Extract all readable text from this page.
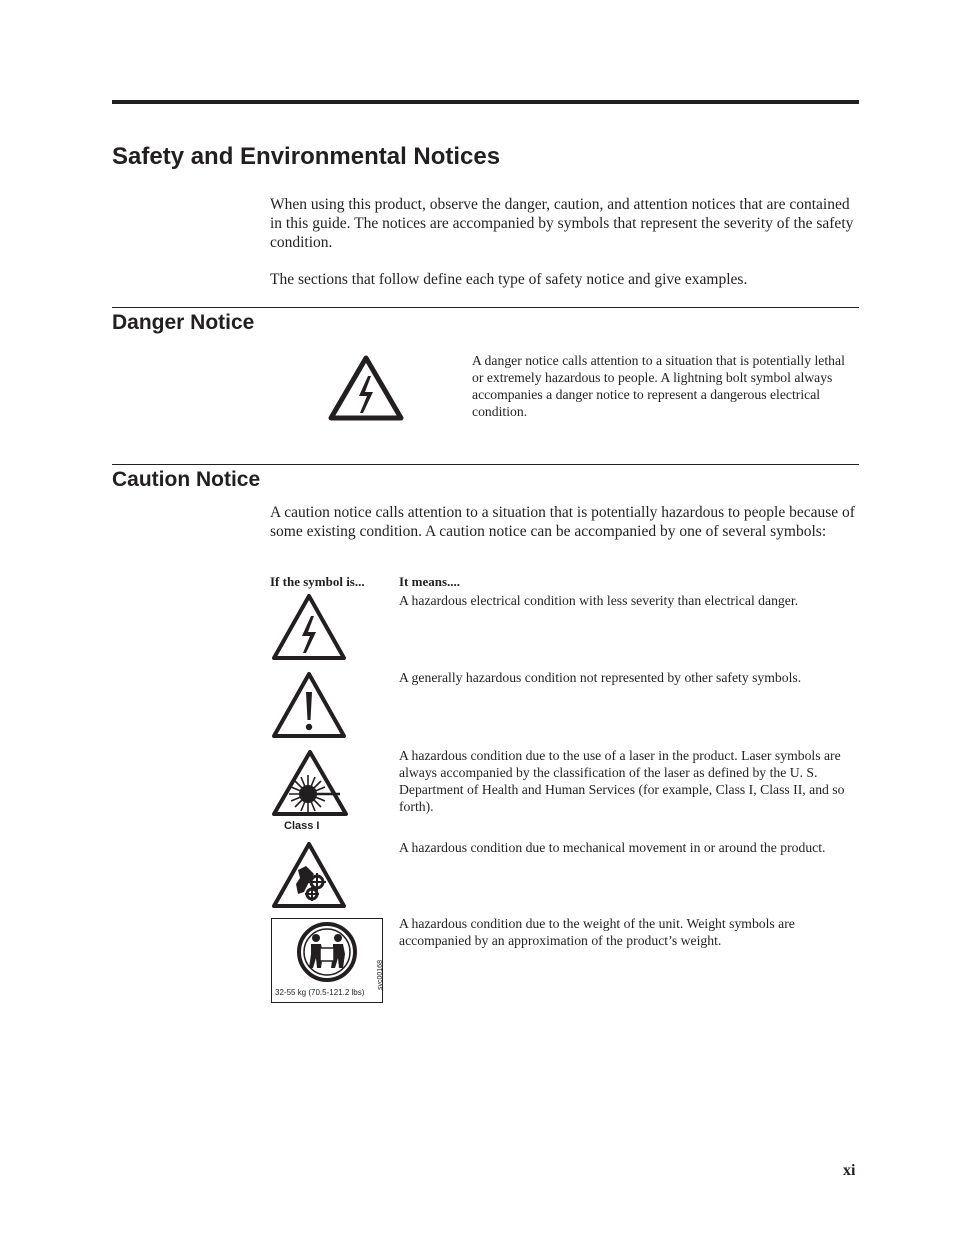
Safety and Environmental Notices

When using this product, observe the danger, caution, and attention notices that are contained in this guide. The notices are accompanied by symbols that represent the severity of the safety condition.

The sections that follow define each type of safety notice and give examples.

Danger Notice

A danger notice calls attention to a situation that is potentially lethal or extremely hazardous to people. A lightning bolt symbol always accompanies a danger notice to represent a dangerous electrical condition.

Caution Notice

A caution notice calls attention to a situation that is potentially hazardous to people because of some existing condition. A caution notice can be accompanied by one of several symbols:

If the symbol is...	It means....

A hazardous electrical condition with less severity than electrical danger.

A generally hazardous condition not represented by other safety symbols.

Class I

A hazardous condition due to the use of a laser in the product. Laser symbols are always accompanied by the classification of the laser as defined by the U. S. Department of Health and Human Services (for example, Class I, Class II, and so forth).

A hazardous condition due to mechanical movement in or around the product.

32-55 kg (70.5-121.2 lbs)
svc00168

A hazardous condition due to the weight of the unit. Weight symbols are accompanied by an approximation of the product’s weight.

xi
